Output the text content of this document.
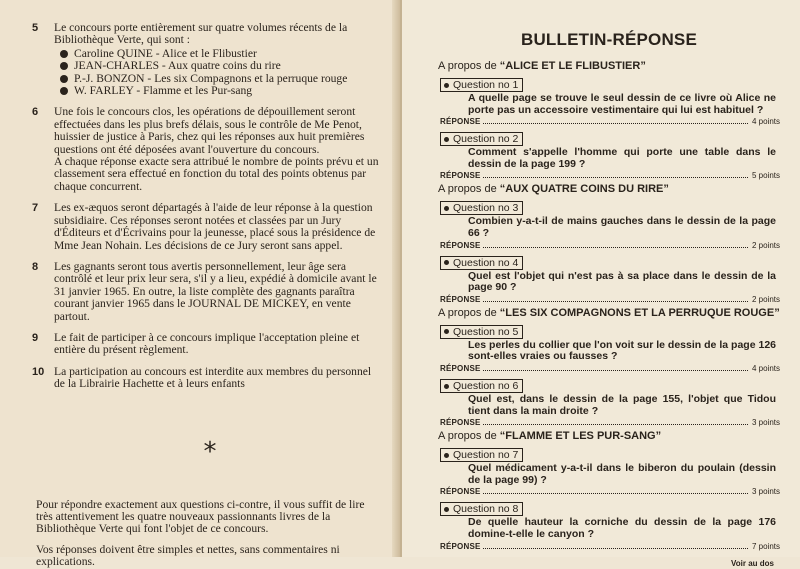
5 Le concours porte entièrement sur quatre volumes récents de la Bibliothèque Verte, qui sont :
Caroline QUINE - Alice et le Flibustier
JEAN-CHARLES - Aux quatre coins du rire
P.-J. BONZON - Les six Compagnons et la perruque rouge
W. FARLEY - Flamme et les Pur-sang
6 Une fois le concours clos, les opérations de dépouillement seront effectuées dans les plus brefs délais, sous le contrôle de Me Penot, huissier de justice à Paris, chez qui les réponses aux huit premières questions ont été déposées avant l'ouverture du concours.
A chaque réponse exacte sera attribué le nombre de points prévu et un classement sera effectué en fonction du total des points obtenus par chaque concurrent.
7 Les ex-æquos seront départagés à l'aide de leur réponse à la question subsidiaire. Ces réponses seront notées et classées par un Jury d'Éditeurs et d'Écrivains pour la jeunesse, placé sous la présidence de Mme Jean Nohain. Les décisions de ce Jury seront sans appel.
8 Les gagnants seront tous avertis personnellement, leur âge sera contrôlé et leur prix leur sera, s'il y a lieu, expédié à domicile avant le 31 janvier 1965. En outre, la liste complète des gagnants paraîtra courant janvier 1965 dans le JOURNAL DE MICKEY, en vente partout.
9 Le fait de participer à ce concours implique l'acceptation pleine et entière du présent règlement.
10 La participation au concours est interdite aux membres du personnel de la Librairie Hachette et à leurs enfants
*
Pour répondre exactement aux questions ci-contre, il vous suffit de lire très attentivement les quatre nouveaux passionnants livres de la Bibliothèque Verte qui font l'objet de ce concours.
Vos réponses doivent être simples et nettes, sans commentaires ni explications.
BULLETIN-RÉPONSE
A propos de “ALICE ET LE FLIBUSTIER”
Question no 1
A quelle page se trouve le seul dessin de ce livre où Alice ne porte pas un accessoire vestimentaire qui lui est habituel ?
RÉPONSE	4 points
Question no 2
Comment s'appelle l'homme qui porte une table dans le dessin de la page 199 ?
RÉPONSE	5 points
A propos de “AUX QUATRE COINS DU RIRE”
Question no 3
Combien y-a-t-il de mains gauches dans le dessin de la page 66 ?
RÉPONSE	2 points
Question no 4
Quel est l'objet qui n'est pas à sa place dans le dessin de la page 90 ?
RÉPONSE	2 points
A propos de “LES SIX COMPAGNONS ET LA PERRUQUE ROUGE”
Question no 5
Les perles du collier que l'on voit sur le dessin de la page 126 sont-elles vraies ou fausses ?
RÉPONSE	4 points
Question no 6
Quel est, dans le dessin de la page 155, l'objet que Tidou tient dans la main droite ?
RÉPONSE	3 points
A propos de “FLAMME ET LES PUR-SANG”
Question no 7
Quel médicament y-a-t-il dans le biberon du poulain (dessin de la page 99) ?
RÉPONSE	3 points
Question no 8
De quelle hauteur la corniche du dessin de la page 176 domine-t-elle le canyon ?
RÉPONSE	7 points
Voir au dos
